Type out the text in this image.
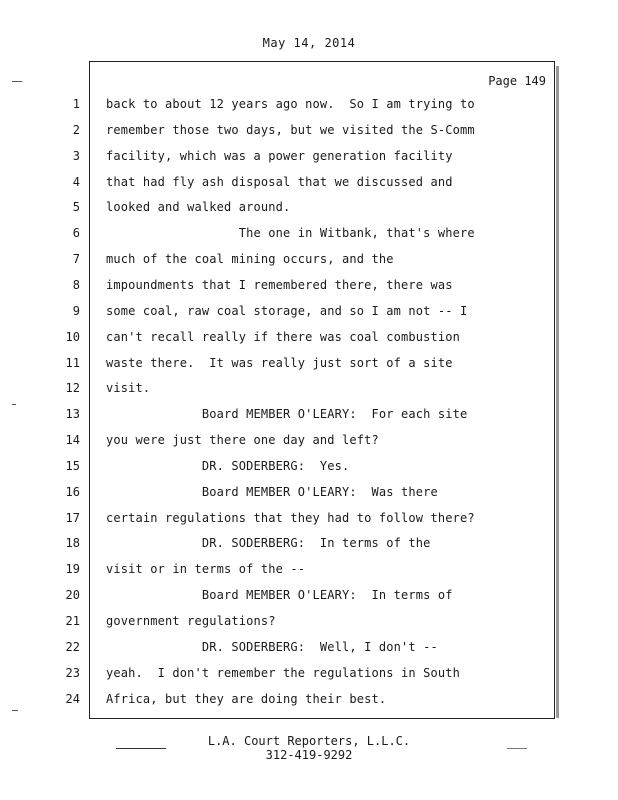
May 14, 2014
Page 149
1 back to about 12 years ago now.  So I am trying to
2 remember those two days, but we visited the S-Comm
3 facility, which was a power generation facility
4 that had fly ash disposal that we discussed and
5 looked and walked around.
6 The one in Witbank, that's where
7 much of the coal mining occurs, and the
8 impoundments that I remembered there, there was
9 some coal, raw coal storage, and so I am not -- I
10 can't recall really if there was coal combustion
11 waste there.  It was really just sort of a site
12 visit.
13 Board MEMBER O'LEARY:  For each site
14 you were just there one day and left?
15 DR. SODERBERG:  Yes.
16 Board MEMBER O'LEARY:  Was there
17 certain regulations that they had to follow there?
18 DR. SODERBERG:  In terms of the
19 visit or in terms of the --
20 Board MEMBER O'LEARY:  In terms of
21 government regulations?
22 DR. SODERBERG:  Well, I don't --
23 yeah.  I don't remember the regulations in South
24 Africa, but they are doing their best.
L.A. Court Reporters, L.L.C.
312-419-9292
